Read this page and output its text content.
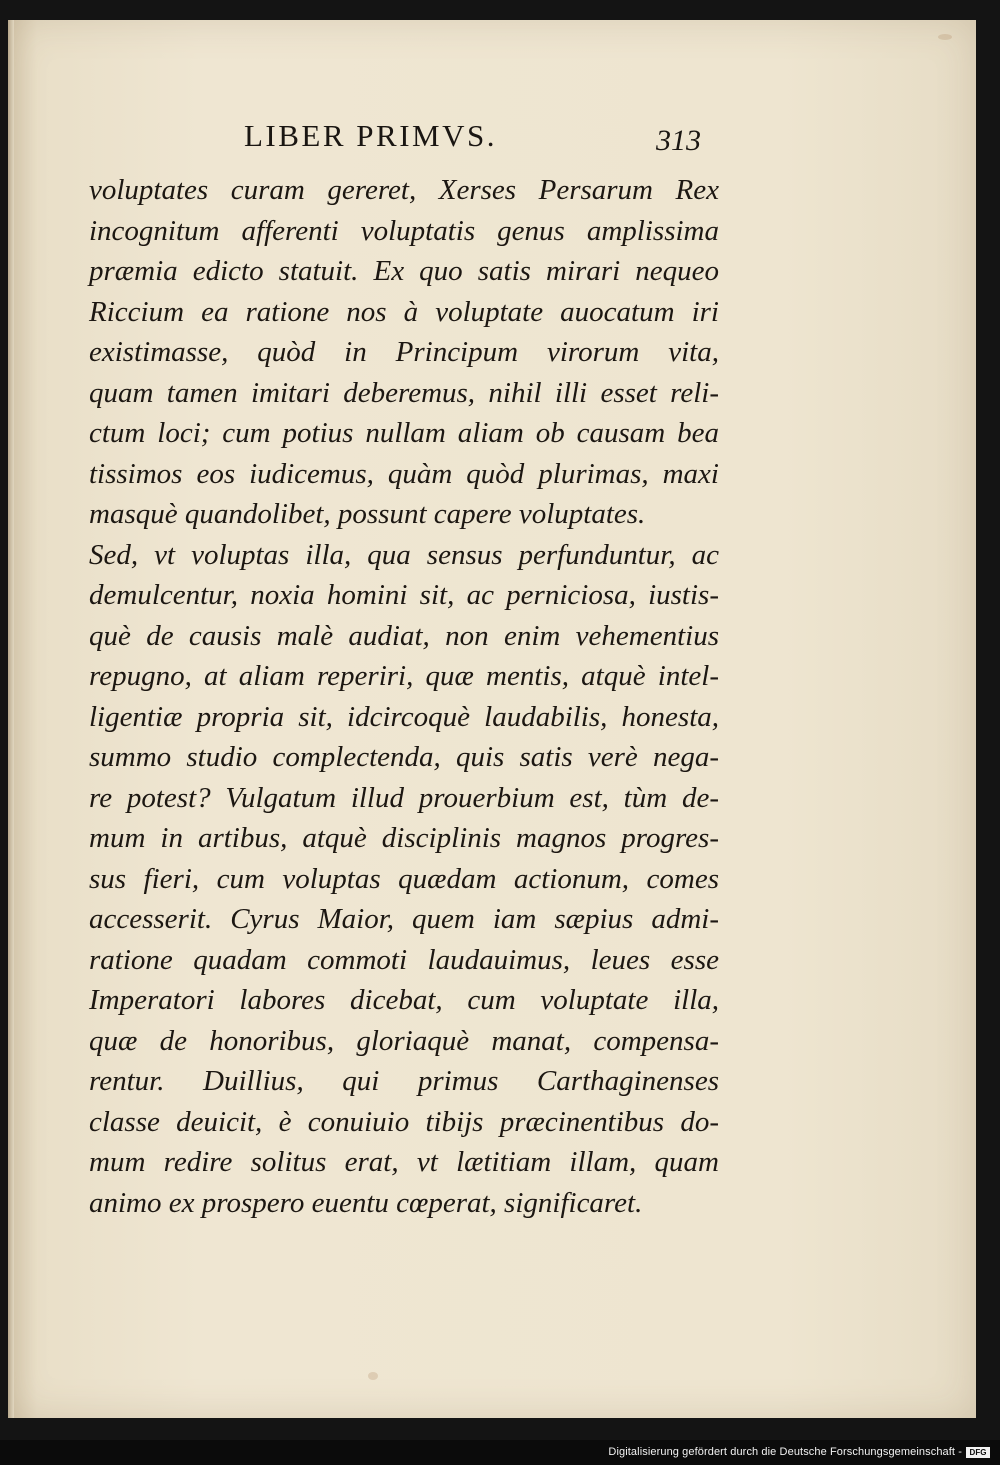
LIBER PRIMVS.	313
voluptates curam gereret, Xerses Persarum Rex
incognitum afferenti voluptatis genus amplissima
præmia edicto statuit. Ex quo satis mirari nequeo
Riccium ea ratione nos à voluptate auocatum iri
existimasse, quòd in Principum virorum vita,
quam tamen imitari deberemus, nihil illi esset reli-
ctum loci; cum potius nullam aliam ob causam bea
tissimos eos iudicemus, quàm quòd plurimas, maxi
masquè quandolibet, possunt capere voluptates.
Sed, vt voluptas illa, qua sensus perfunduntur, ac
demulcentur, noxia homini sit, ac perniciosa, iustis-
què de causis malè audiat, non enim vehementius
repugno, at aliam reperiri, quæ mentis, atquè intel-
ligentiæ propria sit, idcircoquè laudabilis, honesta,
summo studio complectenda, quis satis verè nega-
re potest? Vulgatum illud prouerbium est, tùm de-
mum in artibus, atquè disciplinis magnos progres-
sus fieri, cum voluptas quædam actionum, comes
accesserit. Cyrus Maior, quem iam sæpius admi-
ratione quadam commoti laudauimus, leues esse
Imperatori labores dicebat, cum voluptate illa,
quæ de honoribus, gloriaquè manat, compensa-
rentur. Duillius, qui primus Carthaginenses
classe deuicit, è conuiuio tibijs præcinentibus do-
mum redire solitus erat, vt lætitiam illam, quam
animo ex prospero euentu cœperat, significaret.
Digitalisierung gefördert durch die Deutsche Forschungsgemeinschaft - DFG
